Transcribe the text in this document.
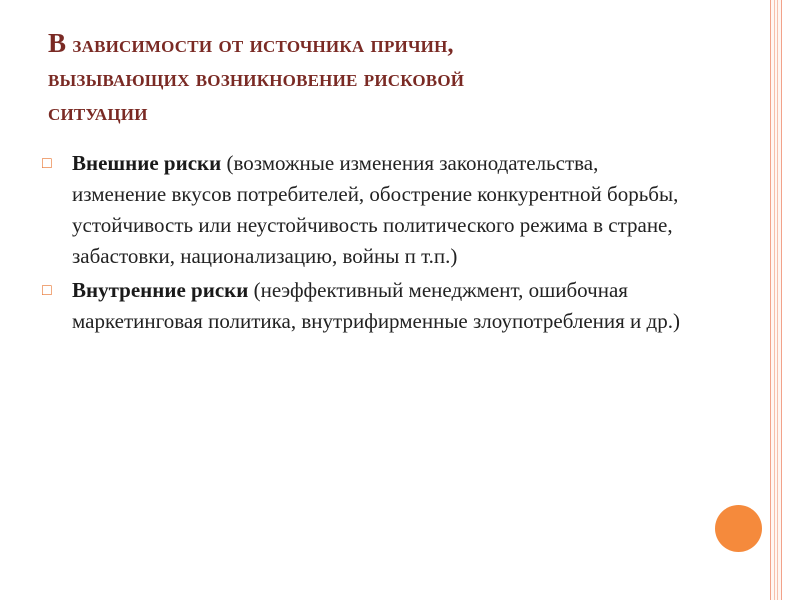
В зависимости от источника причин,
вызывающих возникновение рисковой
ситуации
□ Внешние риски (возможные изменения законодательства, изменение вкусов потребителей, обострение конкурентной борьбы, устойчивость или неустойчивость политического режима в стране, забастовки, национализацию, войны п т.п.)
□ Внутренние риски (неэффективный менеджмент, ошибочная маркетинговая политика, внутрифирменные злоупотребления и др.)
